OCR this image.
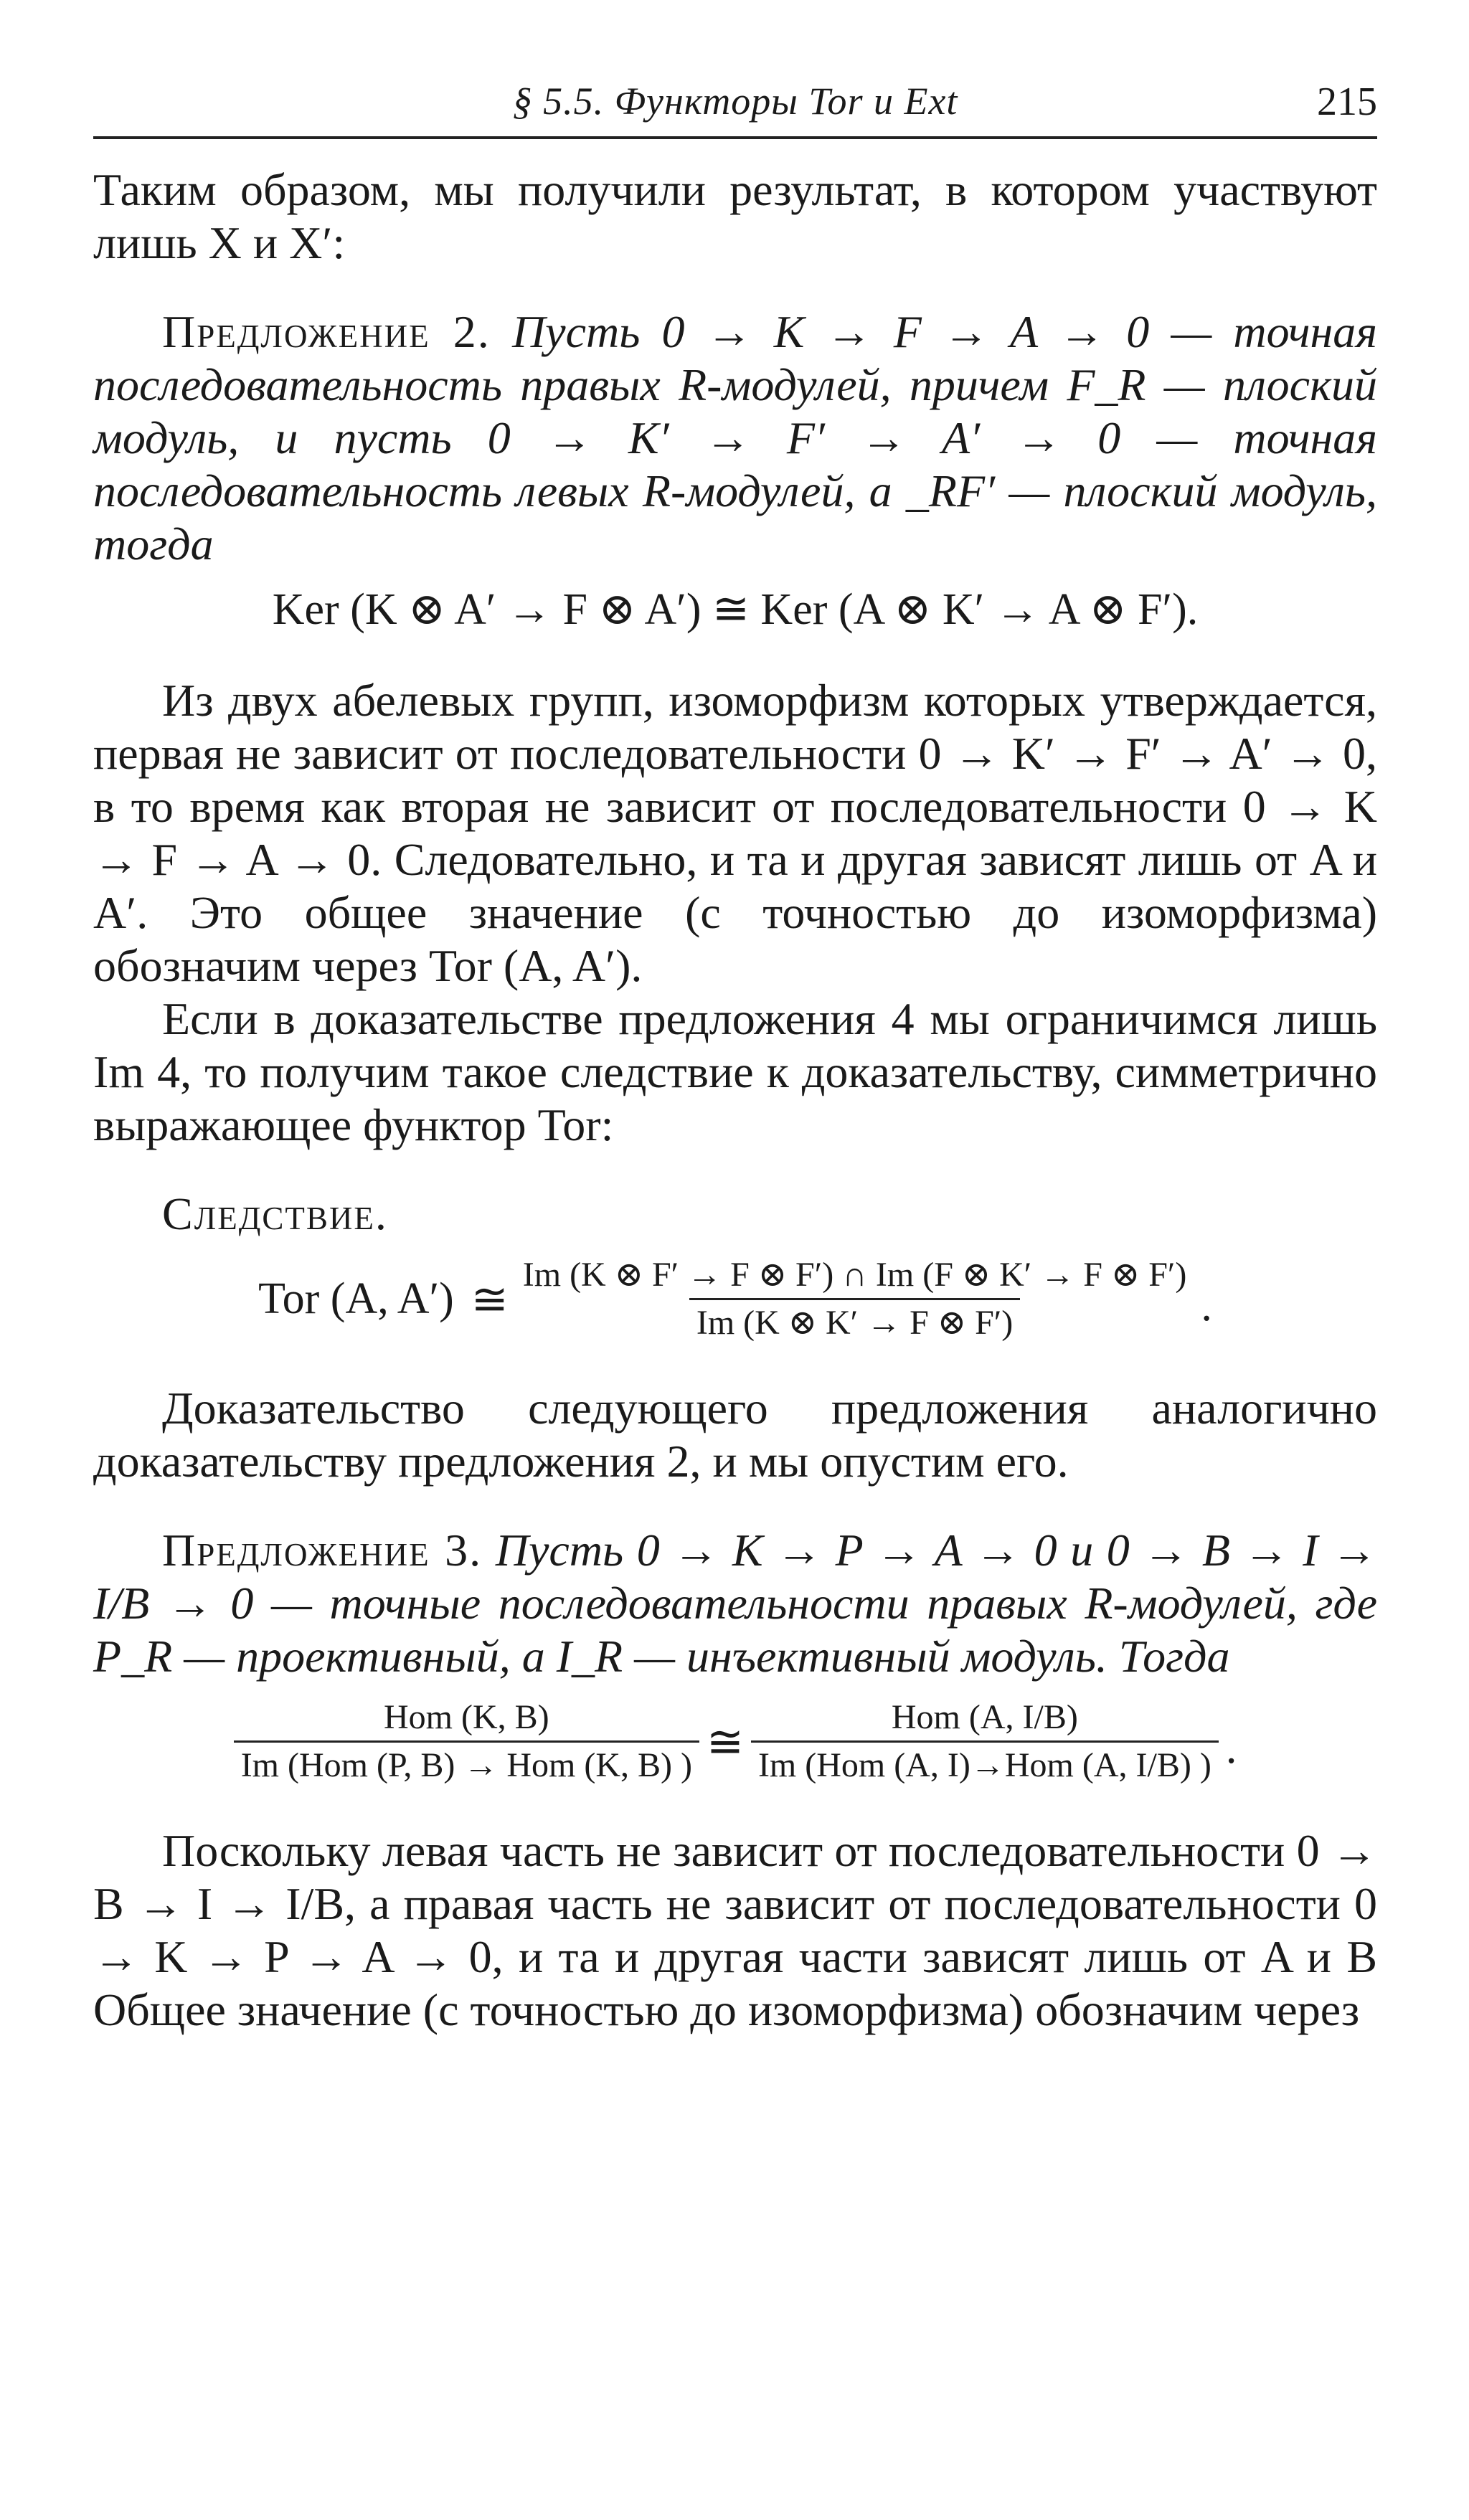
§ 5.5. Функторы Tor и Ext	215

Таким образом, мы получили результат, в котором участвуют лишь X и X′:

Предложение 2. Пусть 0 → K → F → A → 0 — точная последовательность правых R-модулей, причем F_R — плоский модуль, и пусть 0 → K′ → F′ → A′ → 0 — точная последовательность левых R-модулей, а _RF′ — плоский модуль, тогда

Ker (K ⊗ A′ → F ⊗ A′) ≅ Ker (A ⊗ K′ → A ⊗ F′).

Из двух абелевых групп, изоморфизм которых утверждается, первая не зависит от последовательности 0 → K′ → F′ → A′ → 0, в то время как вторая не зависит от последовательности 0 → K → F → A → 0. Следовательно, и та и другая зависят лишь от A и A′. Это общее значение (с точностью до изоморфизма) обозначим через Tor (A, A′).

Если в доказательстве предложения 4 мы ограничимся лишь Im 4, то получим такое следствие к доказательству, симметрично выражающее функтор Tor:

Следствие.

Tor (A, A′) ≅ $\frac{Im (K \otimes F' \to F \otimes F') \cap Im (F \otimes K' \to F \otimes F')}{Im (K \otimes K' \to F \otimes F')}$ .

Доказательство следующего предложения аналогично доказательству предложения 2, и мы опустим его.

Предложение 3. Пусть 0 → K → P → A → 0 и 0 → B → I → I/B → 0 — точные последовательности правых R-модулей, где P_R — проективный, а I_R — инъективный модуль. Тогда

$\frac{\text{Hom (K, B)}}{\text{Im (Hom (P, B) → Hom (K, B) )}}$ ≅ $\frac{\text{Hom (A, I/B)}}{\text{Im (Hom (A, I)→Hom (A, I/B) )}}$ .

Поскольку левая часть не зависит от последовательности 0 → B → I → I/B, а правая часть не зависит от последовательности 0 → K → P → A → 0, и та и другая части зависят лишь от A и B Общее значение (с точностью до изоморфизма) обозначим через
